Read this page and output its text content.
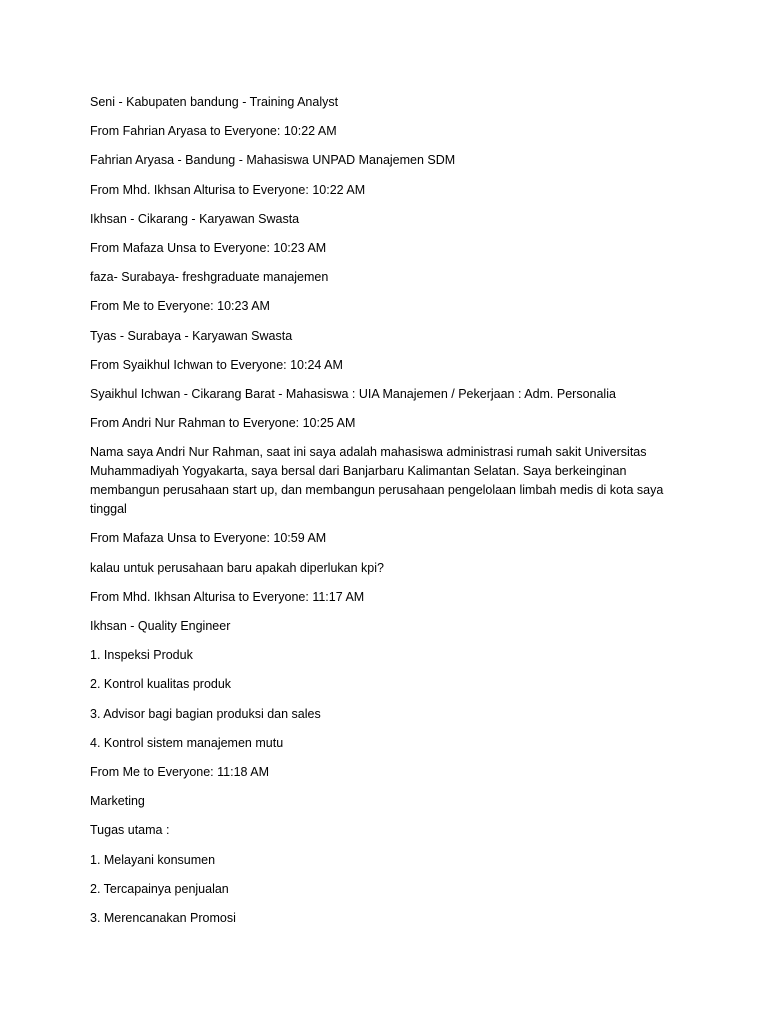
Seni - Kabupaten bandung - Training Analyst
From Fahrian Aryasa to Everyone: 10:22 AM
Fahrian Aryasa - Bandung - Mahasiswa UNPAD Manajemen SDM
From Mhd. Ikhsan Alturisa to Everyone: 10:22 AM
Ikhsan - Cikarang - Karyawan Swasta
From Mafaza Unsa to Everyone: 10:23 AM
faza- Surabaya- freshgraduate manajemen
From Me to Everyone: 10:23 AM
Tyas - Surabaya - Karyawan Swasta
From Syaikhul Ichwan to Everyone: 10:24 AM
Syaikhul Ichwan - Cikarang Barat - Mahasiswa : UIA Manajemen / Pekerjaan : Adm. Personalia
From Andri Nur Rahman to Everyone: 10:25 AM
Nama saya Andri Nur Rahman, saat ini saya adalah mahasiswa administrasi rumah sakit Universitas Muhammadiyah Yogyakarta, saya bersal dari Banjarbaru Kalimantan Selatan. Saya berkeinginan membangun perusahaan start up, dan membangun perusahaan pengelolaan limbah medis di kota saya tinggal
From Mafaza Unsa to Everyone: 10:59 AM
kalau untuk perusahaan baru apakah diperlukan kpi?
From Mhd. Ikhsan Alturisa to Everyone: 11:17 AM
Ikhsan - Quality Engineer
1. Inspeksi Produk
2. Kontrol kualitas produk
3. Advisor bagi bagian produksi dan sales
4. Kontrol sistem manajemen mutu
From Me to Everyone: 11:18 AM
Marketing
Tugas utama :
1. Melayani konsumen
2. Tercapainya penjualan
3. Merencanakan Promosi
